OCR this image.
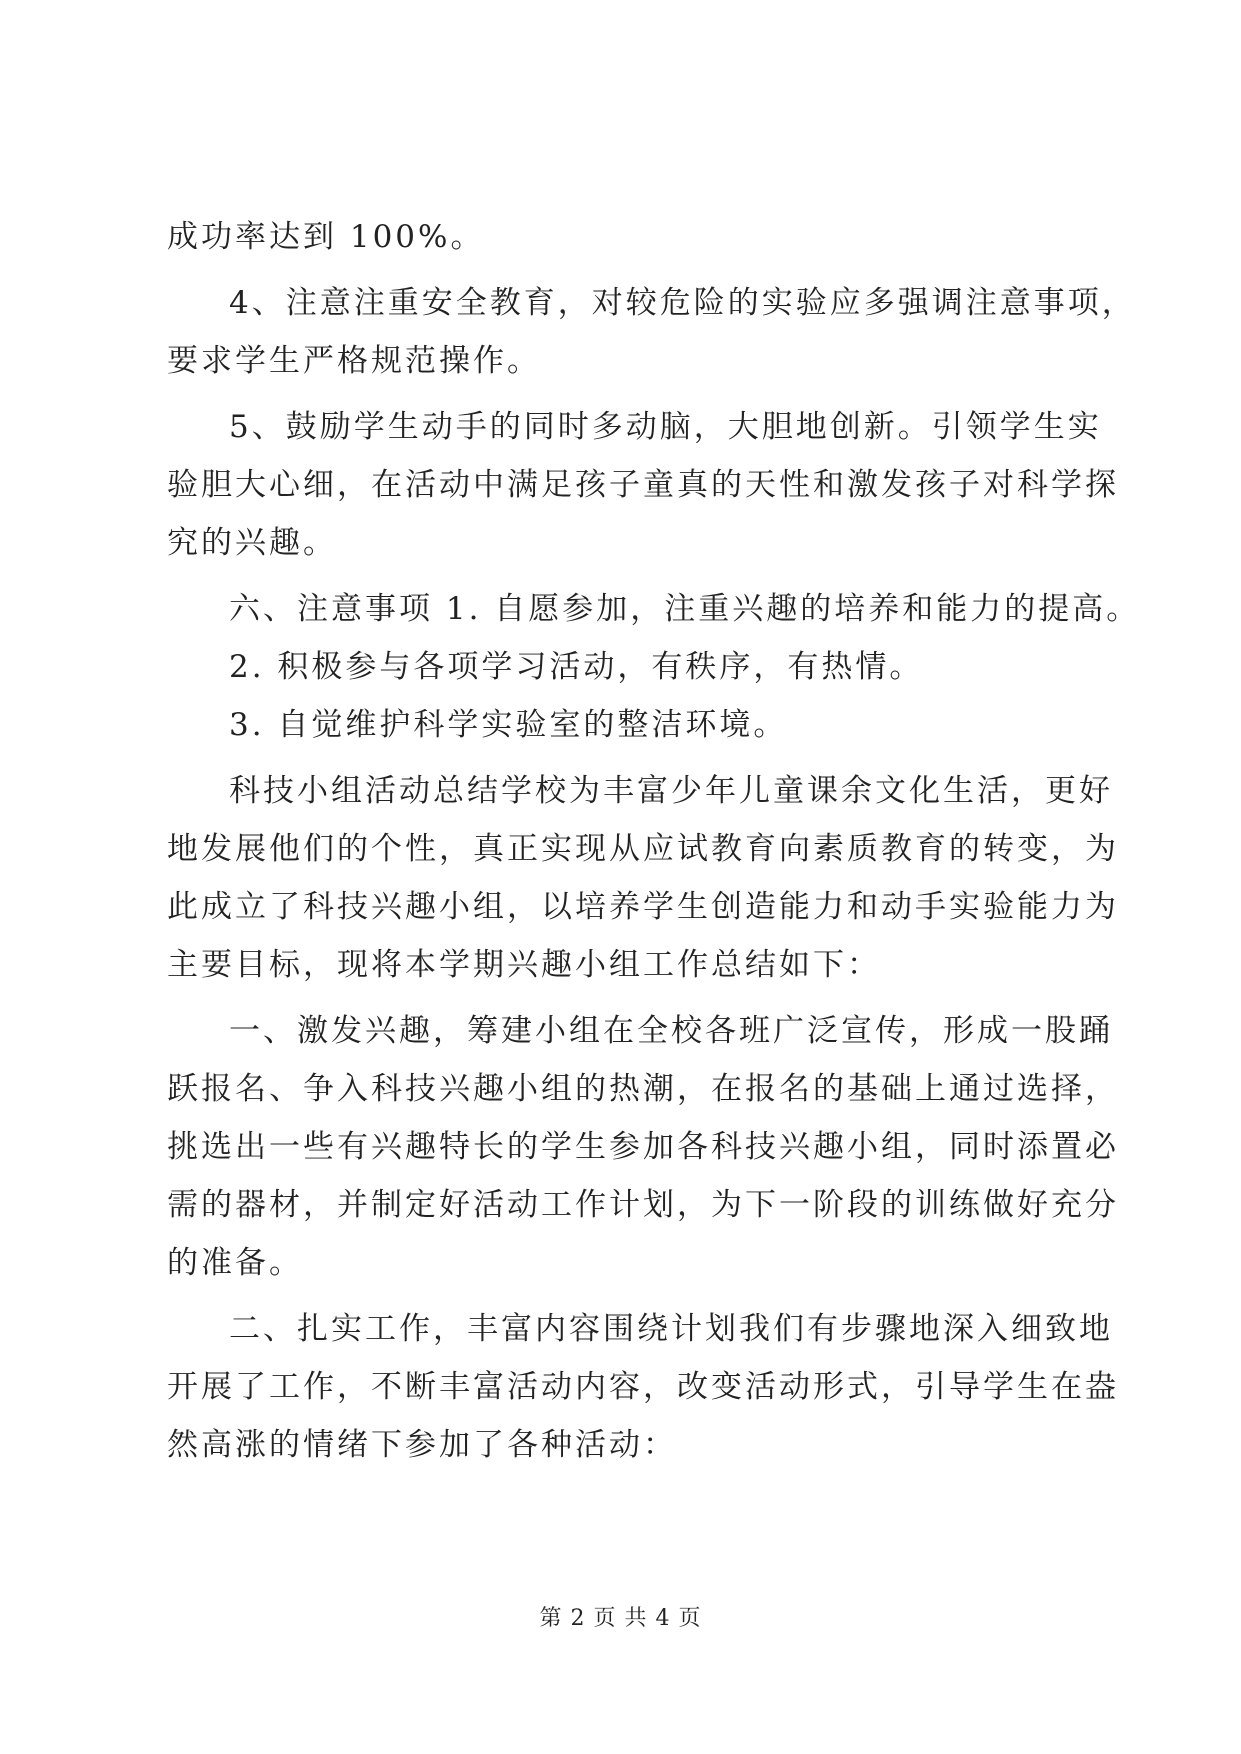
成功率达到 100%。
4、注意注重安全教育，对较危险的实验应多强调注意事项，
要求学生严格规范操作。
5、鼓励学生动手的同时多动脑，大胆地创新。引领学生实
验胆大心细，在活动中满足孩子童真的天性和激发孩子对科学探
究的兴趣。
六、注意事项 1. 自愿参加，注重兴趣的培养和能力的提高。
2. 积极参与各项学习活动，有秩序，有热情。
3. 自觉维护科学实验室的整洁环境。
科技小组活动总结学校为丰富少年儿童课余文化生活，更好
地发展他们的个性，真正实现从应试教育向素质教育的转变，为
此成立了科技兴趣小组，以培养学生创造能力和动手实验能力为
主要目标，现将本学期兴趣小组工作总结如下：
一、激发兴趣，筹建小组在全校各班广泛宣传，形成一股踊
跃报名、争入科技兴趣小组的热潮，在报名的基础上通过选择，
挑选出一些有兴趣特长的学生参加各科技兴趣小组，同时添置必
需的器材，并制定好活动工作计划，为下一阶段的训练做好充分
的准备。
二、扎实工作，丰富内容围绕计划我们有步骤地深入细致地
开展了工作，不断丰富活动内容，改变活动形式，引导学生在盎
然高涨的情绪下参加了各种活动：
第 2 页 共 4 页
